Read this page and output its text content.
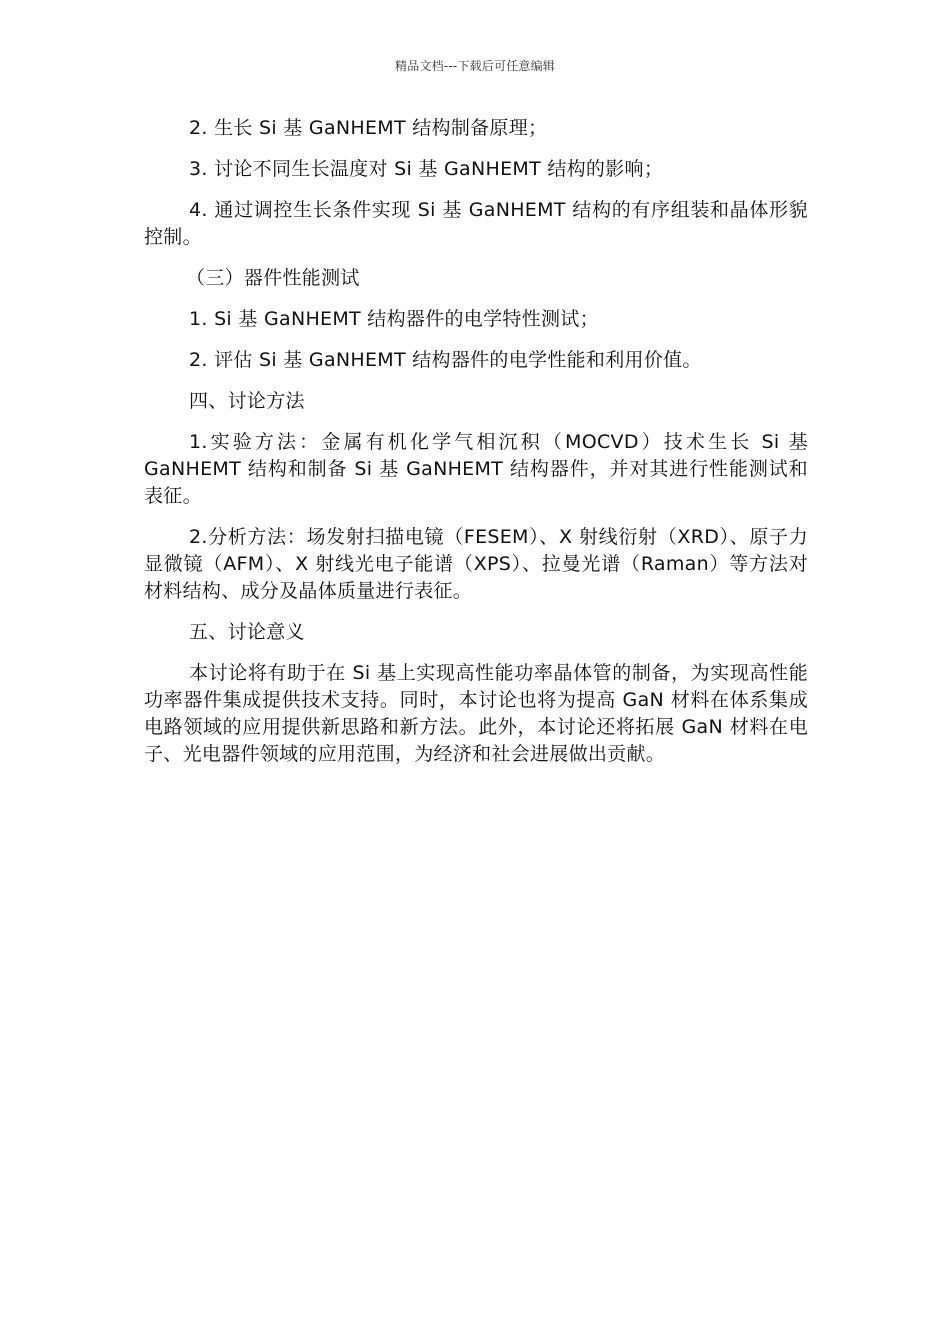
精品文档---下载后可任意编辑

2. 生长 Si 基 GaNHEMT 结构制备原理；

3. 讨论不同生长温度对 Si 基 GaNHEMT 结构的影响；

4. 通过调控生长条件实现 Si 基 GaNHEMT 结构的有序组装和晶体形貌控制。

（三）器件性能测试

1. Si 基 GaNHEMT 结构器件的电学特性测试；

2. 评估 Si 基 GaNHEMT 结构器件的电学性能和利用价值。

四、讨论方法

1.实验方法：金属有机化学气相沉积（MOCVD）技术生长 Si 基 GaNHEMT 结构和制备 Si 基 GaNHEMT 结构器件，并对其进行性能测试和表征。

2.分析方法：场发射扫描电镜（FESEM）、X 射线衍射（XRD）、原子力显微镜（AFM）、X 射线光电子能谱（XPS）、拉曼光谱（Raman）等方法对材料结构、成分及晶体质量进行表征。

五、讨论意义

本讨论将有助于在 Si 基上实现高性能功率晶体管的制备，为实现高性能功率器件集成提供技术支持。同时，本讨论也将为提高 GaN 材料在体系集成电路领域的应用提供新思路和新方法。此外，本讨论还将拓展 GaN 材料在电子、光电器件领域的应用范围，为经济和社会进展做出贡献。
